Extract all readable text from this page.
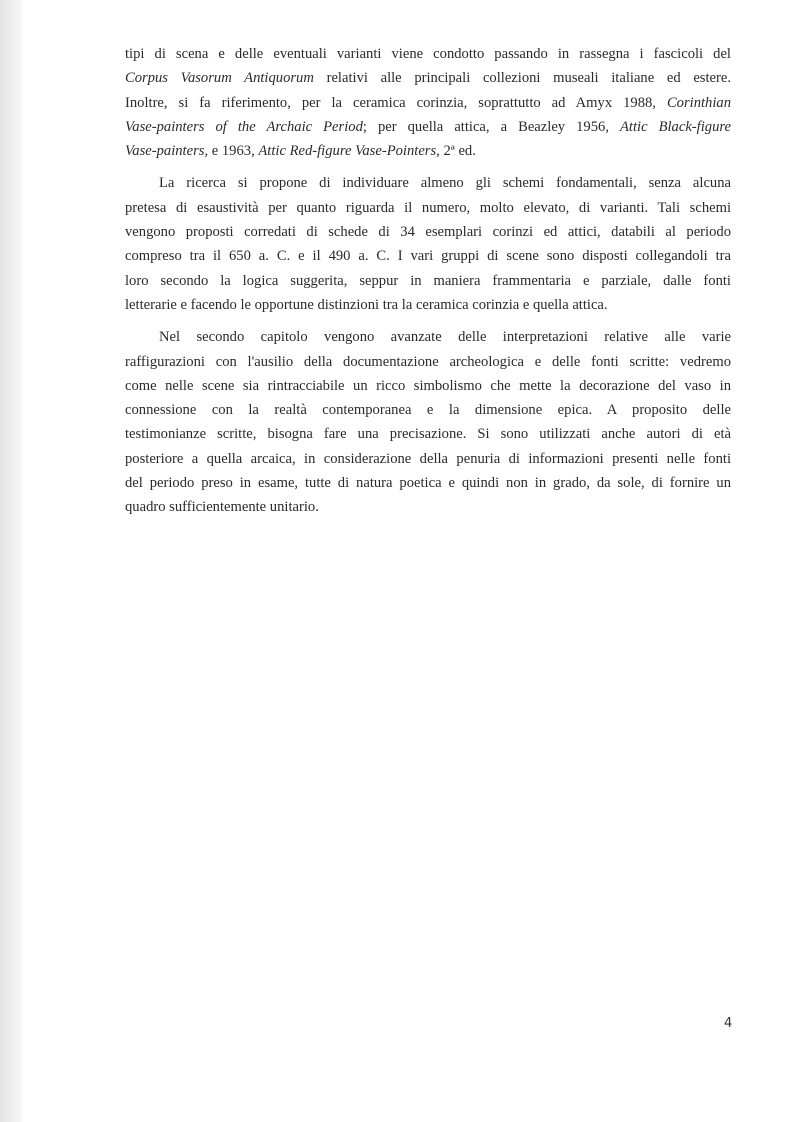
tipi di scena e delle eventuali varianti viene condotto passando in rassegna i fascicoli del
Corpus Vasorum Antiquorum relativi alle principali collezioni museali italiane ed estere.
Inoltre, si fa riferimento, per la ceramica corinzia, soprattutto ad Amyx 1988, Corinthian
Vase-painters of the Archaic Period; per quella attica, a Beazley 1956, Attic Black-figure
Vase-painters, e 1963, Attic Red-figure Vase-Pointers, 2ª ed.
La ricerca si propone di individuare almeno gli schemi fondamentali, senza alcuna
pretesa di esaustività per quanto riguarda il numero, molto elevato, di varianti. Tali schemi
vengono proposti corredati di schede di 34 esemplari corinzi ed attici, databili al periodo
compreso tra il 650 a. C. e il 490 a. C. I vari gruppi di scene sono disposti collegandoli tra
loro secondo la logica suggerita, seppur in maniera frammentaria e parziale, dalle fonti
letterarie e facendo le opportune distinzioni tra la ceramica corinzia e quella attica.
Nel secondo capitolo vengono avanzate delle interpretazioni relative alle varie
raffigurazioni con l'ausilio della documentazione archeologica e delle fonti scritte: vedremo
come nelle scene sia rintracciabile un ricco simbolismo che mette la decorazione del vaso in
connessione con la realtà contemporanea e la dimensione epica. A proposito delle
testimonianze scritte, bisogna fare una precisazione. Si sono utilizzati anche autori di età
posteriore a quella arcaica, in considerazione della penuria di informazioni presenti nelle fonti
del periodo preso in esame, tutte di natura poetica e quindi non in grado, da sole, di fornire un
quadro sufficientemente unitario.
4
